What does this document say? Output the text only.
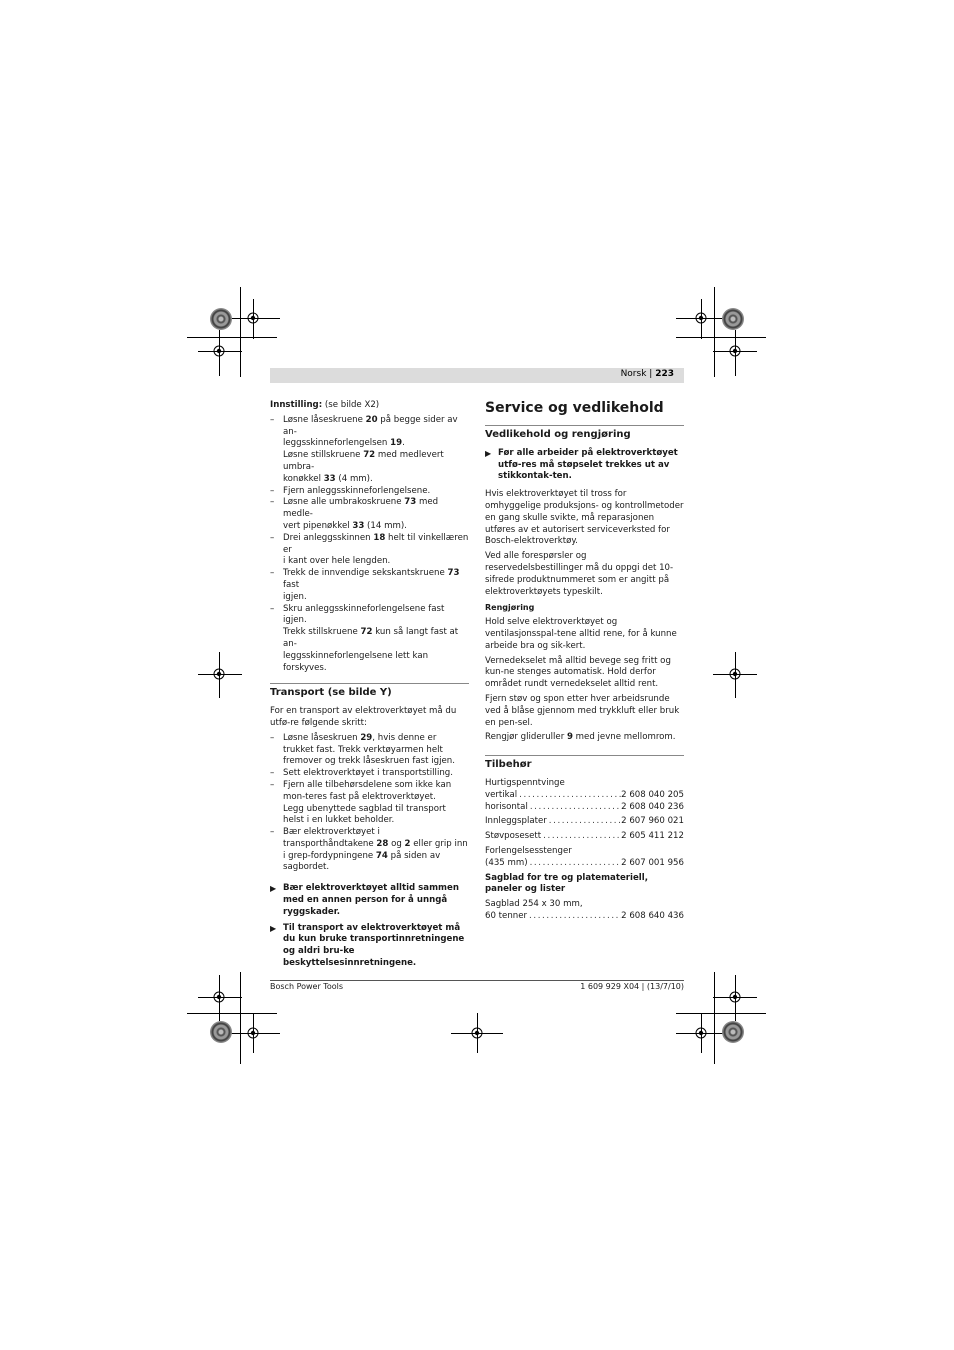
Norsk | 223
Innstilling: (se bilde X2)
– Løsne låseskruene 20 på begge sider av an-
leggsskinneforlengelsen 19.
Løsne stillskruene 72 med medlevert umbra-
konøkkel 33 (4 mm).
– Fjern anleggsskinneforlengelsene.
– Løsne alle umbrakoskruene 73 med medle-
vert pipenøkkel 33 (14 mm).
– Drei anleggsskinnen 18 helt til vinkellæren er
i kant over hele lengden.
– Trekk de innvendige sekskantskruene 73 fast
igjen.
– Skru anleggsskinneforlengelsene fast igjen.
Trekk stillskruene 72 kun så langt fast at an-
leggsskinneforlengelsene lett kan forskyves.
Transport (se bilde Y)
For en transport av elektroverktøyet må du utfø-re følgende skritt:
– Løsne låseskruen 29, hvis denne er trukket fast. Trekk verktøyarmen helt fremover og trekk låseskruen fast igjen.
– Sett elektroverktøyet i transportstilling.
– Fjern alle tilbehørsdelene som ikke kan mon-teres fast på elektroverktøyet.
Legg ubenyttede sagblad til transport helst i en lukket beholder.
– Bær elektroverktøyet i transporthåndtakene 28 og 2 eller grip inn i grep-fordypningene 74 på siden av sagbordet.
▶ Bær elektroverktøyet alltid sammen med en annen person for å unngå ryggskader.
▶ Til transport av elektroverktøyet må du kun bruke transportinnretningene og aldri bru-ke beskyttelsesinnretningene.
Service og vedlikehold
Vedlikehold og rengjøring
▶ Før alle arbeider på elektroverktøyet utfø-res må støpselet trekkes ut av stikkontak-ten.
Hvis elektroverktøyet til tross for omhyggelige produksjons- og kontrollmetoder en gang skulle svikte, må reparasjonen utføres av et autorisert serviceverksted for Bosch-elektroverktøy.
Ved alle forespørsler og reservedelsbestillinger må du oppgi det 10-sifrede produktnummeret som er angitt på elektroverktøyets typeskilt.
Rengjøring
Hold selve elektroverktøyet og ventilasjonsspal-tene alltid rene, for å kunne arbeide bra og sik-kert.
Vernedekselet må alltid bevege seg fritt og kun-ne stenges automatisk. Hold derfor området rundt vernedekselet alltid rent.
Fjern støv og spon etter hver arbeidsrunde ved å blåse gjennom med trykkluft eller bruk en pen-sel.
Rengjør glideruller 9 med jevne mellomrom.
Tilbehør
Hurtigspenntvinge
vertikal .....	2 608 040 205
horisontal .....	2 608 040 236
Innleggsplater .....	2 607 960 021
Støvposesett .....	2 605 411 212
Forlengelsesstenger
(435 mm) .....	2 607 001 956
Sagblad for tre og platemateriell, paneler og lister
Sagblad 254 x 30 mm,
60 tenner .....	2 608 640 436
Bosch Power Tools	1 609 929 X04 | (13/7/10)
